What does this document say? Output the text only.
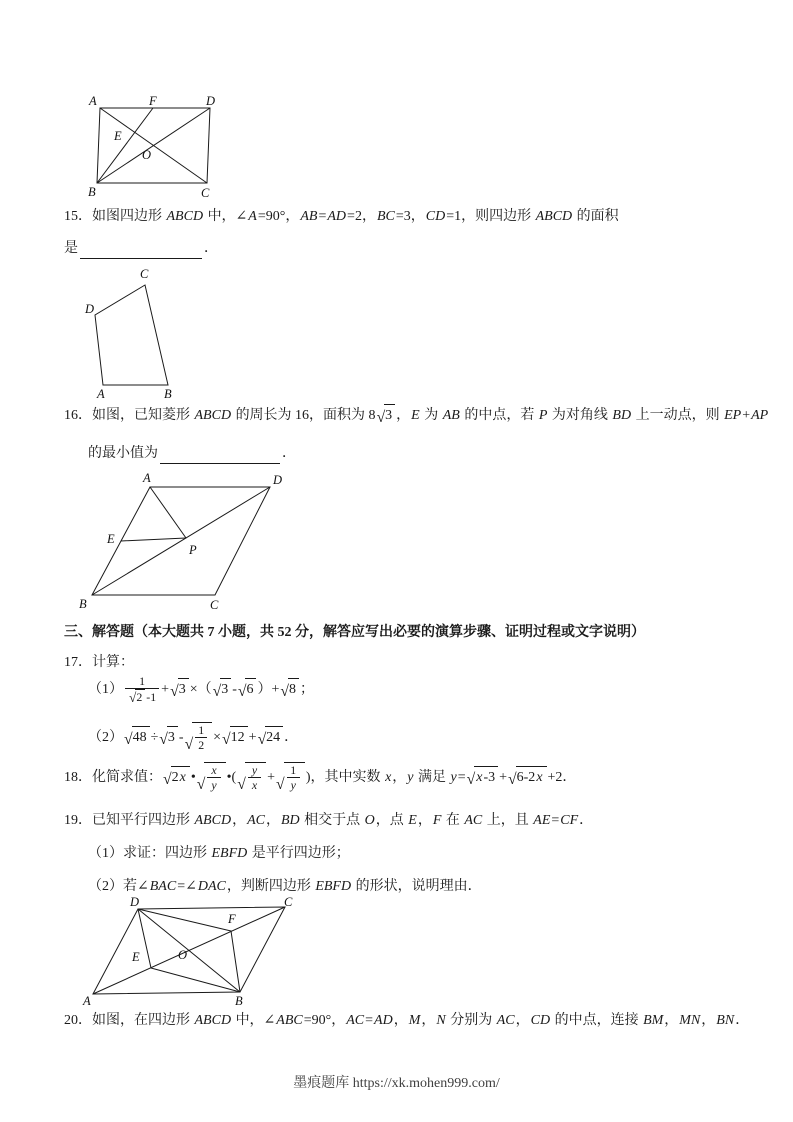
A	F	D
E
O
B	C
15．如图四边形 ABCD 中，∠ A =90°， AB = AD =2， BC =3， CD =1，则四边形 ABCD 的面积
是	．
C
D
A	B
16．如图，已知菱形 ABCD 的周长为 16，面积为 8 √ 3 ， E 为 AB 的中点，若 P 为对角线 BD 上一动点，则 EP + AP
的最小值为	．
A	D
E
P
B	C
三、解答题（本大题共 7 小题，共 52 分，解答应写出必要的演算步骤、证明过程或文字说明）
17．计算：
$(1) \frac{1}{√ 2 -1}$ + √ 3 ×（ √ 3 - √ 6 ）+ √ 8 ；
（2） √ 48 ÷ √ 3 - √ $\frac{1}{2}$ × √ 12 + √ 24 ．
18．化简求值： √ 2 x • √ $\frac{x}{y}$ •( √ $\frac{y}{x}$ + √ $\frac{1}{y}$ )，其中实数 x ， y 满足 y = √ x -3 + √ 6-2 x +2．
19．已知平行四边形 ABCD ， AC ， BD 相交于点 O ，点 E ， F 在 AC 上，且 AE = CF ．
（1）求证：四边形 EBFD 是平行四边形；
（2）若∠ BAC =∠ DAC ，判断四边形 EBFD 的形状，说明理由．
D
F
C
E	O
A	B
20．如图，在四边形 ABCD 中，∠ ABC =90°， AC = AD ， M ， N 分别为 AC ， CD 的中点，连接 BM ， MN ， BN ．
墨痕题库 https://xk.mohen999.com/
